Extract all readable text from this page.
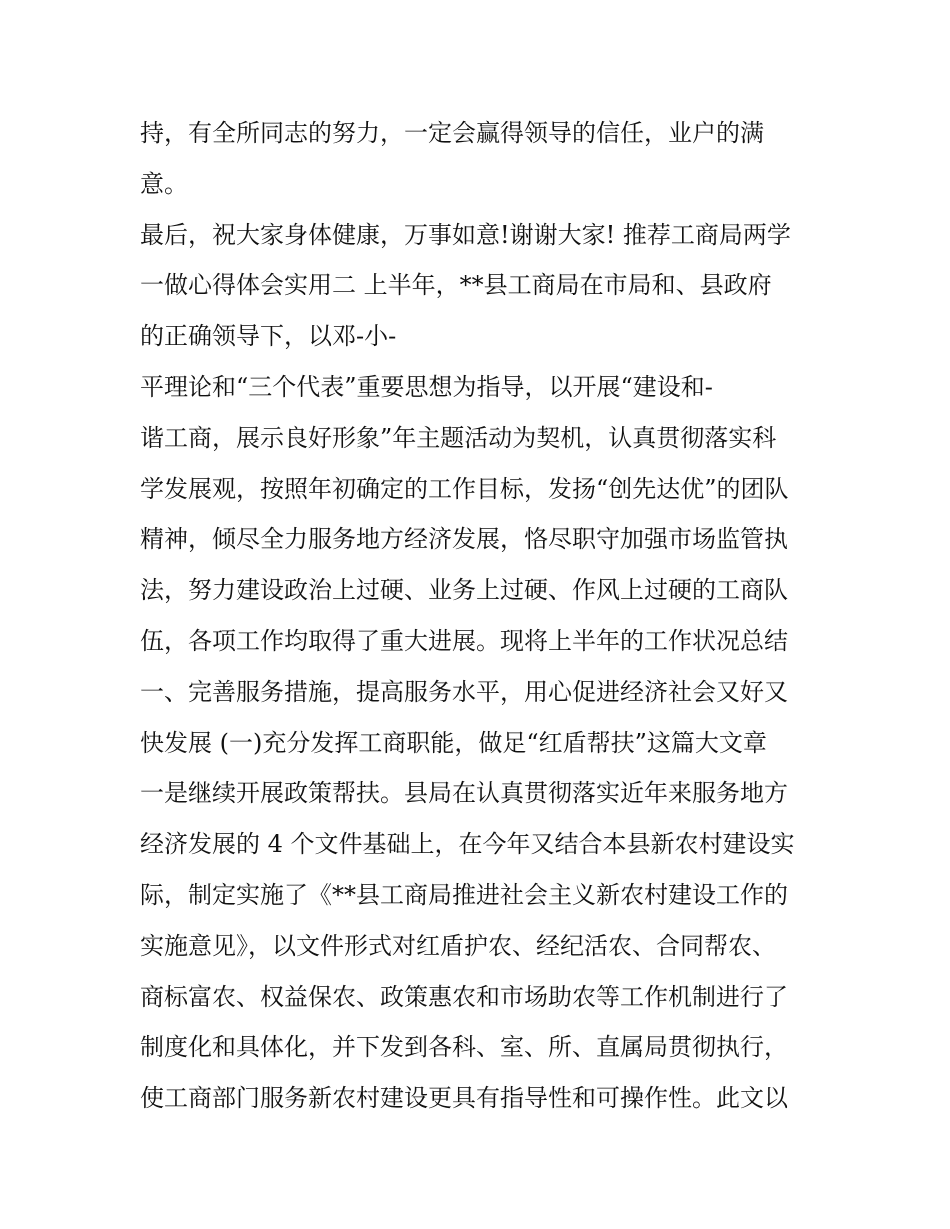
持，有全所同志的努力，一定会赢得领导的信任，业户的满
意。
最后，祝大家身体健康，万事如意!谢谢大家! 推荐工商局两学
一做心得体会实用二 上半年，**县工商局在市局和、县政府
的正确领导下，以邓-小-
平理论和“三个代表”重要思想为指导，以开展“建设和-
谐工商，展示良好形象”年主题活动为契机，认真贯彻落实科
学发展观，按照年初确定的工作目标，发扬“创先达优”的团队
精神，倾尽全力服务地方经济发展，恪尽职守加强市场监管执
法，努力建设政治上过硬、业务上过硬、作风上过硬的工商队
伍，各项工作均取得了重大进展。现将上半年的工作状况总结
一、完善服务措施，提高服务水平，用心促进经济社会又好又
快发展 (一)充分发挥工商职能，做足“红盾帮扶”这篇大文章
一是继续开展政策帮扶。县局在认真贯彻落实近年来服务地方
经济发展的 4 个文件基础上，在今年又结合本县新农村建设实
际，制定实施了《**县工商局推进社会主义新农村建设工作的
实施意见》，以文件形式对红盾护农、经纪活农、合同帮农、
商标富农、权益保农、政策惠农和市场助农等工作机制进行了
制度化和具体化，并下发到各科、室、所、直属局贯彻执行，
使工商部门服务新农村建设更具有指导性和可操作性。此文以
